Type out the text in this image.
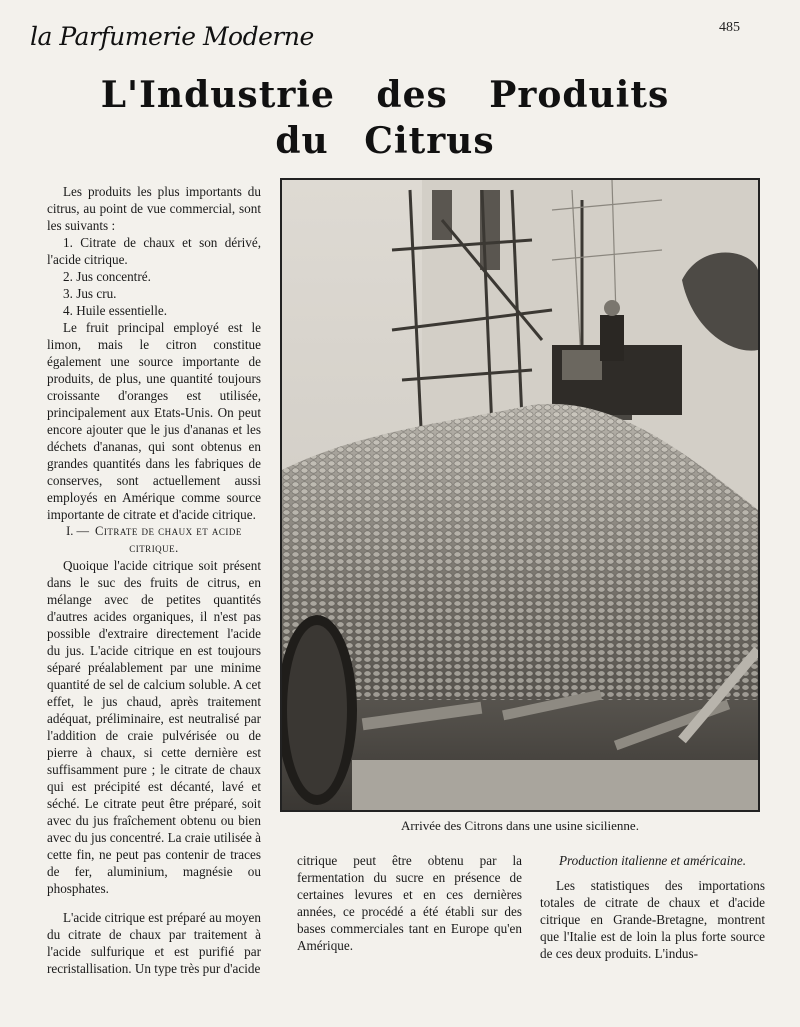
la Parfumerie Moderne	485
L'Industrie des Produits
du Citrus

Les produits les plus importants du citrus, au point de vue commercial, sont les suivants :

1. Citrate de chaux et son dérivé, l'acide citrique.
2. Jus concentré.
3. Jus cru.
4. Huile essentielle.

Le fruit principal employé est le limon, mais le citron constitue également une source importante de produits, de plus, une quantité toujours croissante d'oranges est utilisée, principalement aux Etats-Unis. On peut encore ajouter que le jus d'ananas et les déchets d'ananas, qui sont obtenus en grandes quantités dans les fabriques de conserves, sont actuellement aussi employés en Amérique comme source importante de citrate et d'acide citrique.

I. — Citrate de chaux et acide citrique.

Quoique l'acide citrique soit présent dans le suc des fruits de citrus, en mélange avec de petites quantités d'autres acides organiques, il n'est pas possible d'extraire directement l'acide du jus. L'acide citrique en est toujours séparé préalablement par une minime quantité de sel de calcium soluble. A cet effet, le jus chaud, après traitement adéquat, préliminaire, est neutralisé par l'addition de craie pulvérisée ou de pierre à chaux, si cette dernière est suffisamment pure ; le citrate de chaux qui est précipité est décanté, lavé et séché. Le citrate peut être préparé, soit avec du jus fraîchement obtenu ou bien avec du jus concentré. La craie utilisée à cette fin, ne peut pas contenir de traces de fer, aluminium, magnésie ou phosphates.

L'acide citrique est préparé au moyen du citrate de chaux par traitement à l'acide sulfurique et est purifié par recristallisation. Un type très pur d'acide

Arrivée des Citrons dans une usine sicilienne.

citrique peut être obtenu par la fermentation du sucre en présence de certaines levures et en ces dernières années, ce procédé a été établi sur des bases commerciales tant en Europe qu'en Amérique.

Production italienne et américaine.

Les statistiques des importations totales de citrate de chaux et d'acide citrique en Grande-Bretagne, montrent que l'Italie est de loin la plus forte source de ces deux produits. L'indus-
